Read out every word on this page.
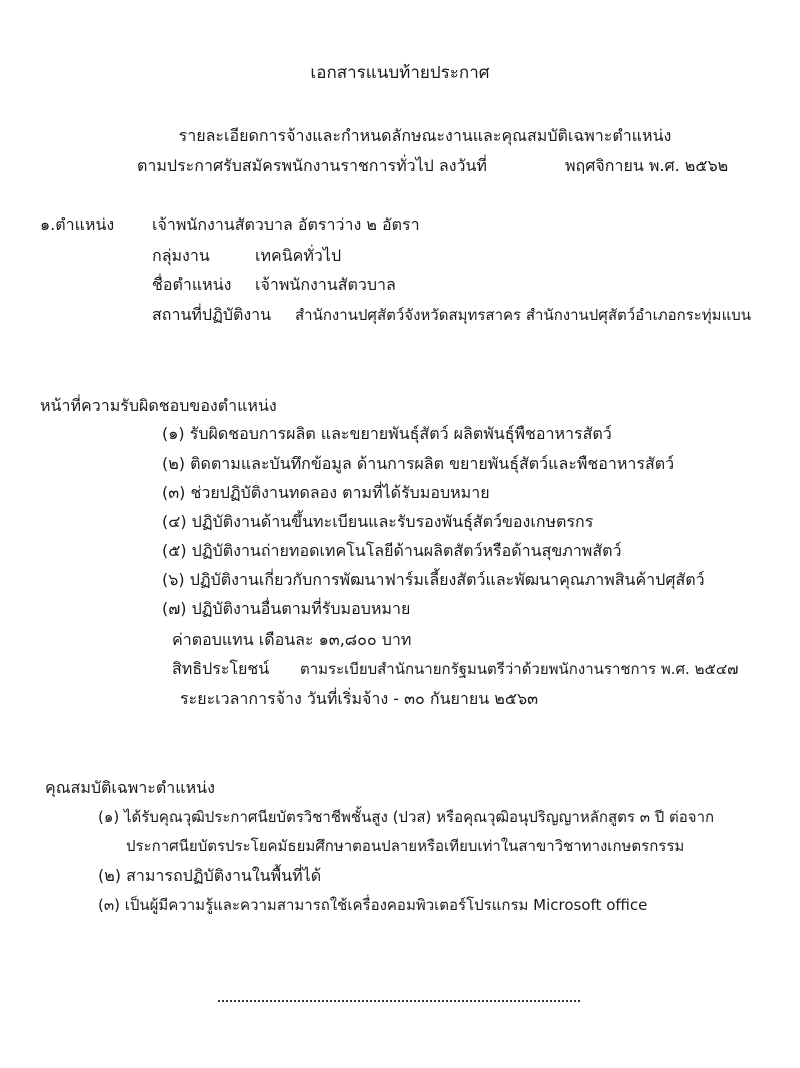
เอกสารแนบท้ายประกาศ
รายละเอียดการจ้างและกำหนดลักษณะงานและคุณสมบัติเฉพาะตำแหน่ง
ตามประกาศรับสมัครพนักงานราชการทั่วไป ลงวันที่	พฤศจิกายน พ.ศ. ๒๕๖๒
๑.ตำแหน่ง เจ้าพนักงานสัตวบาล อัตราว่าง ๒ อัตรา
กลุ่มงาน	เทคนิคทั่วไป
ชื่อตำแหน่ง เจ้าพนักงานสัตวบาล
สถานที่ปฏิบัติงาน สำนักงานปศุสัตว์จังหวัดสมุทรสาคร สำนักงานปศุสัตว์อำเภอกระทุ่มแบน
หน้าที่ความรับผิดชอบของตำแหน่ง
(๑) รับผิดชอบการผลิต และขยายพันธุ์สัตว์ ผลิตพันธุ์พืชอาหารสัตว์
(๒) ติดตามและบันทึกข้อมูล ด้านการผลิต ขยายพันธุ์สัตว์และพืชอาหารสัตว์
(๓) ช่วยปฏิบัติงานทดลอง ตามที่ได้รับมอบหมาย
(๔) ปฏิบัติงานด้านขึ้นทะเบียนและรับรองพันธุ์สัตว์ของเกษตรกร
(๕) ปฏิบัติงานถ่ายทอดเทคโนโลยีด้านผลิตสัตว์หรือด้านสุขภาพสัตว์
(๖) ปฏิบัติงานเกี่ยวกับการพัฒนาฟาร์มเลี้ยงสัตว์และพัฒนาคุณภาพสินค้าปศุสัตว์
(๗) ปฏิบัติงานอื่นตามที่รับมอบหมาย
ค่าตอบแทน เดือนละ ๑๓,๘๐๐ บาท
สิทธิประโยชน์ ตามระเบียบสำนักนายกรัฐมนตรีว่าด้วยพนักงานราชการ พ.ศ. ๒๕๔๗
ระยะเวลาการจ้าง วันที่เริ่มจ้าง - ๓๐ กันยายน ๒๕๖๓
คุณสมบัติเฉพาะตำแหน่ง
(๑) ได้รับคุณวุฒิประกาศนียบัตรวิชาชีพชั้นสูง (ปวส) หรือคุณวุฒิอนุปริญญาหลักสูตร ๓ ปี ต่อจาก
ประกาศนียบัตรประโยคมัธยมศึกษาตอนปลายหรือเทียบเท่าในสาขาวิชาทางเกษตรกรรม
(๒) สามารถปฏิบัติงานในพื้นที่ได้
(๓) เป็นผู้มีความรู้และความสามารถใช้เครื่องคอมพิวเตอร์โปรแกรม Microsoft office
